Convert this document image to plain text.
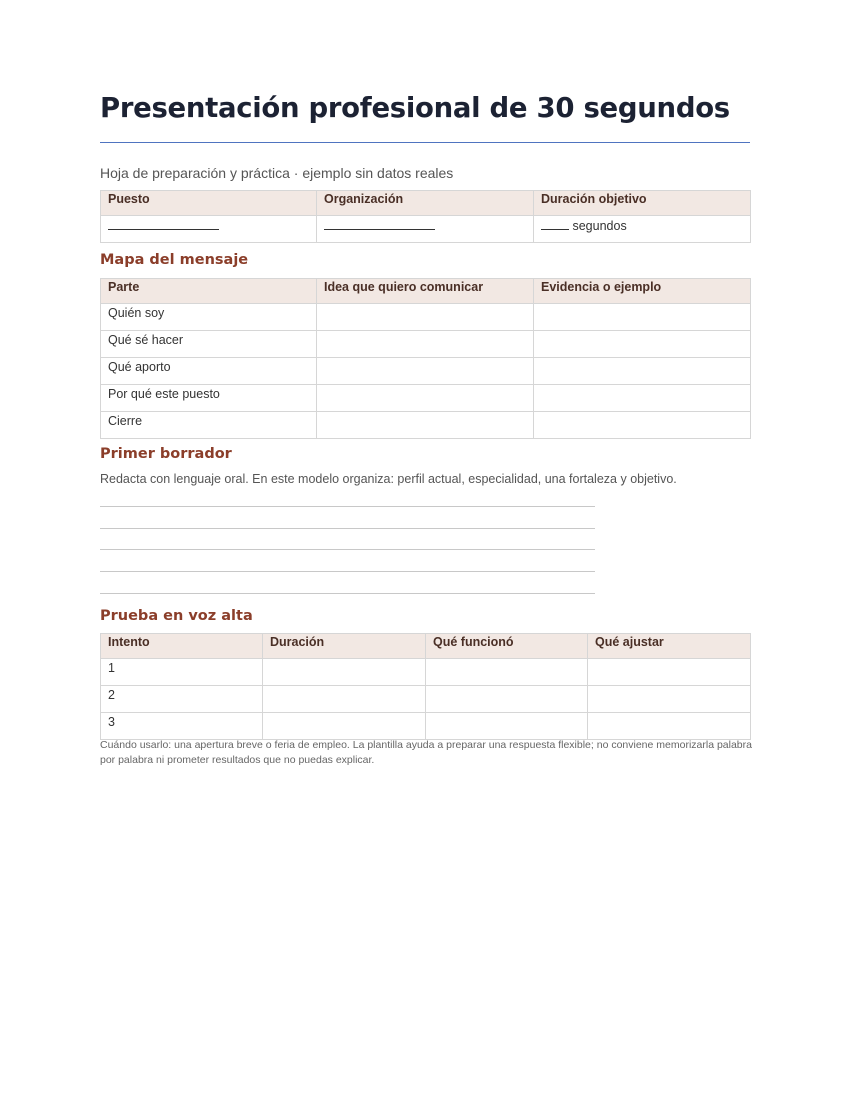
Presentación profesional de 30 segundos
Hoja de preparación y práctica · ejemplo sin datos reales
Puesto	Organización	Duración objetivo
		segundos
Mapa del mensaje
Parte	Idea que quiero comunicar	Evidencia o ejemplo
Quién soy		
Qué sé hacer		
Qué aporto		
Por qué este puesto		
Cierre		
Primer borrador
Redacta con lenguaje oral. En este modelo organiza: perfil actual, especialidad, una fortaleza y objetivo.
Prueba en voz alta
Intento	Duración	Qué funcionó	Qué ajustar
1			
2			
3			
Cuándo usarlo: una apertura breve o feria de empleo. La plantilla ayuda a preparar una respuesta flexible; no conviene memorizarla palabra por palabra ni prometer resultados que no puedas explicar.
